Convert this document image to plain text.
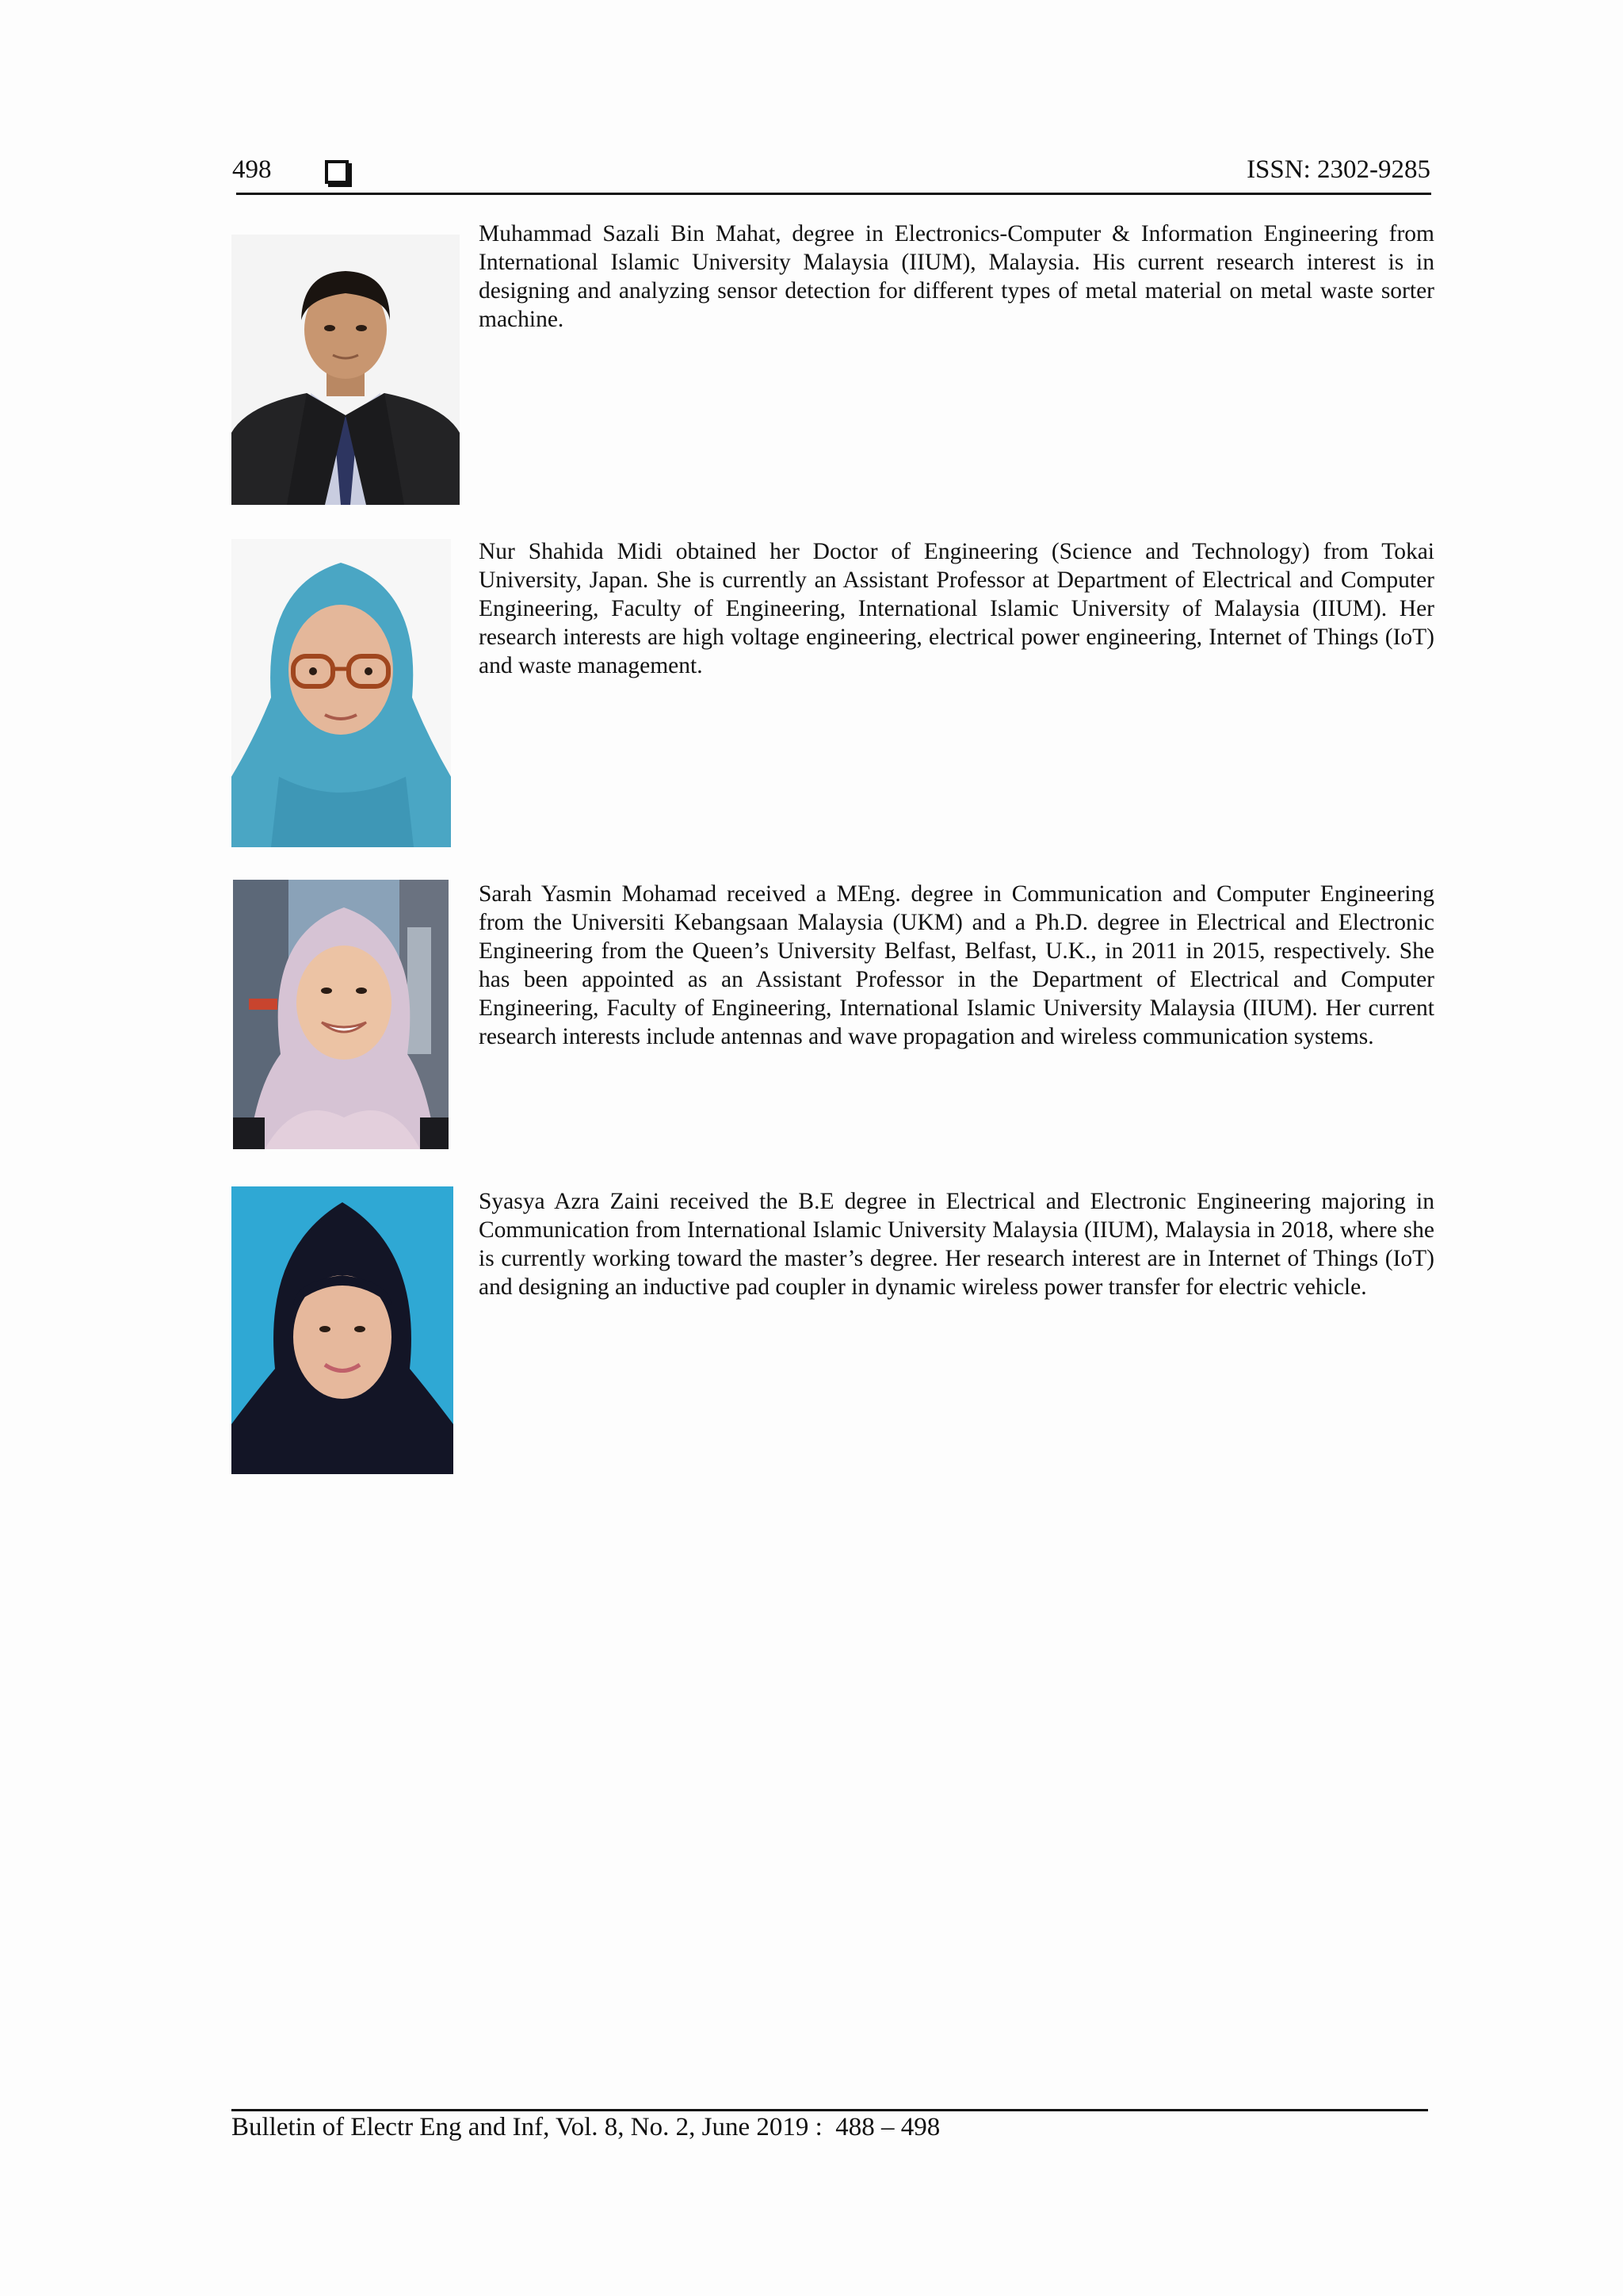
498	ISSN: 2302-9285
Muhammad Sazali Bin Mahat, degree in Electronics-Computer & Information Engineering from International Islamic University Malaysia (IIUM), Malaysia. His current research interest is in designing and analyzing sensor detection for different types of metal material on metal waste sorter machine.
Nur Shahida Midi obtained her Doctor of Engineering (Science and Technology) from Tokai University, Japan. She is currently an Assistant Professor at Department of Electrical and Computer Engineering, Faculty of Engineering, International Islamic University of Malaysia (IIUM). Her research interests are high voltage engineering, electrical power engineering, Internet of Things (IoT) and waste management.
Sarah Yasmin Mohamad received a MEng. degree in Communication and Computer Engineering from the Universiti Kebangsaan Malaysia (UKM) and a Ph.D. degree in Electrical and Electronic Engineering from the Queen’s University Belfast, Belfast, U.K., in 2011 in 2015, respectively. She has been appointed as an Assistant Professor in the Department of Electrical and Computer Engineering, Faculty of Engineering, International Islamic University Malaysia (IIUM). Her current research interests include antennas and wave propagation and wireless communication systems.
Syasya Azra Zaini received the B.E degree in Electrical and Electronic Engineering majoring in Communication from International Islamic University Malaysia (IIUM), Malaysia in 2018, where she is currently working toward the master’s degree. Her research interest are in Internet of Things (IoT) and designing an inductive pad coupler in dynamic wireless power transfer for electric vehicle.
Bulletin of Electr Eng and Inf, Vol. 8, No. 2, June 2019 :  488 – 498
